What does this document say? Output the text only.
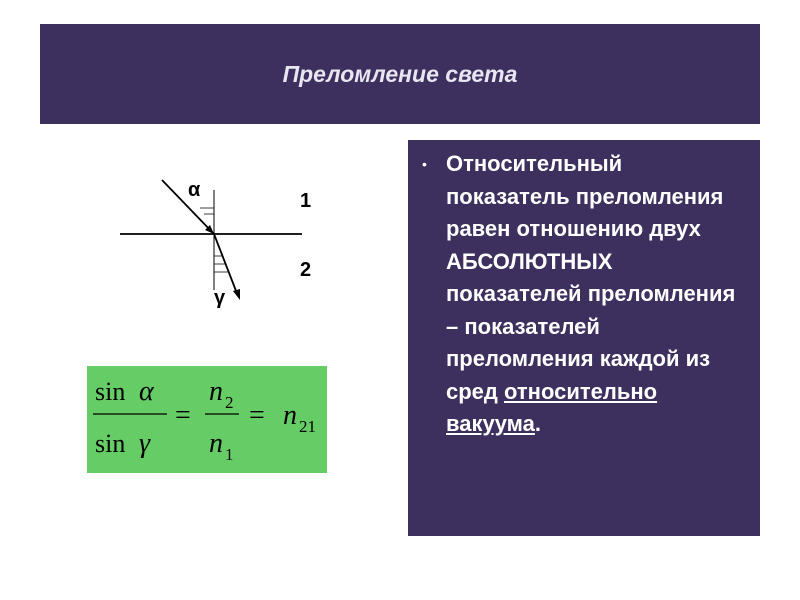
Преломление света
α
γ
1
2
sin α
sin γ
=
n 2
n 1
= n 21
• Относительный показатель преломления равен отношению двух АБСОЛЮТНЫХ показателей преломления – показателей преломления каждой из сред относительно вакуума.
